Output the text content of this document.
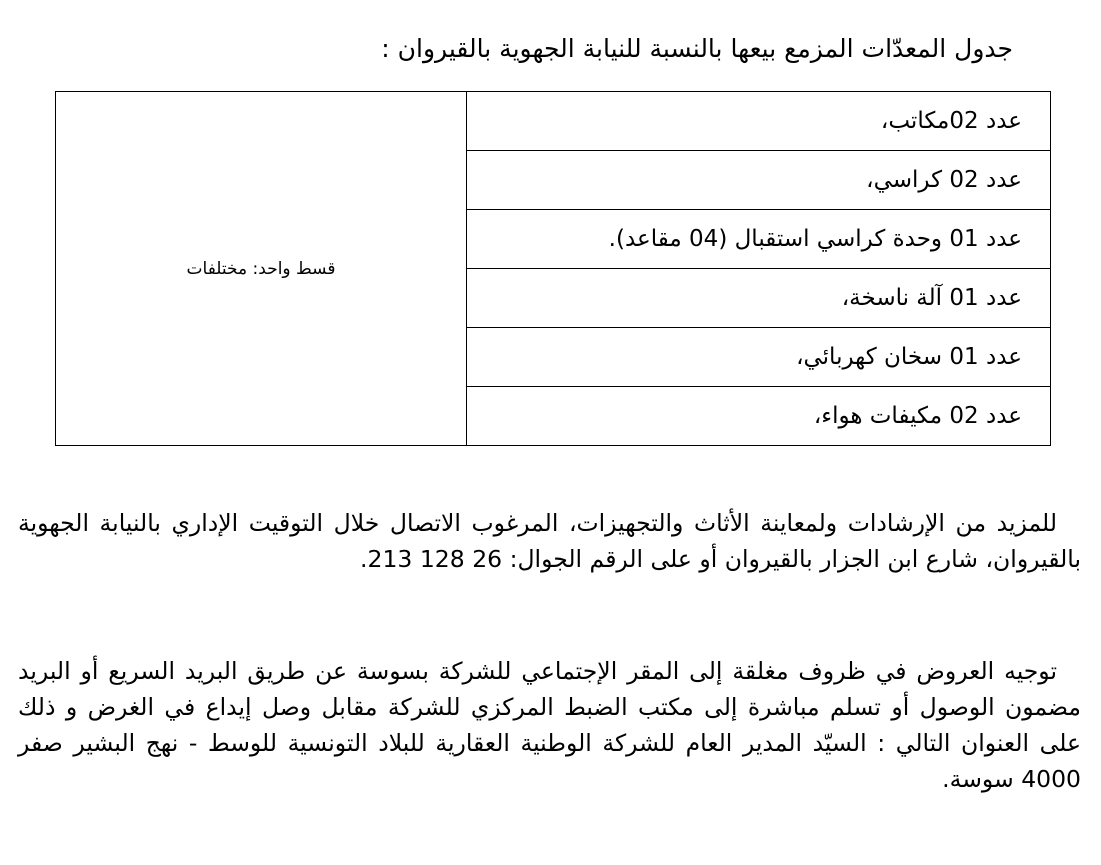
جدول المعدّات المزمع بيعها بالنسبة للنيابة الجهوية بالقيروان :
عدد 02مكاتب،	قسط واحد: مختلفات
عدد 02 كراسي،
عدد 01 وحدة كراسي استقبال (04 مقاعد).
عدد 01 آلة ناسخة،
عدد 01 سخان كهربائي،
عدد 02 مكيفات هواء،

للمزيد من الإرشادات ولمعاينة الأثاث والتجهيزات، المرغوب الاتصال خلال التوقيت الإداري بالنيابة الجهوية بالقيروان، شارع ابن الجزار بالقيروان أو على الرقم الجوال: 26 128 213.

توجيه العروض في ظروف مغلقة إلى المقر الإجتماعي للشركة بسوسة عن طريق البريد السريع أو البريد مضمون الوصول أو تسلم مباشرة إلى مكتب الضبط المركزي للشركة مقابل وصل إيداع في الغرض و ذلك على العنوان التالي : السيّد المدير العام للشركة الوطنية العقارية للبلاد التونسية للوسط - نهج البشير صفر 4000 سوسة.
